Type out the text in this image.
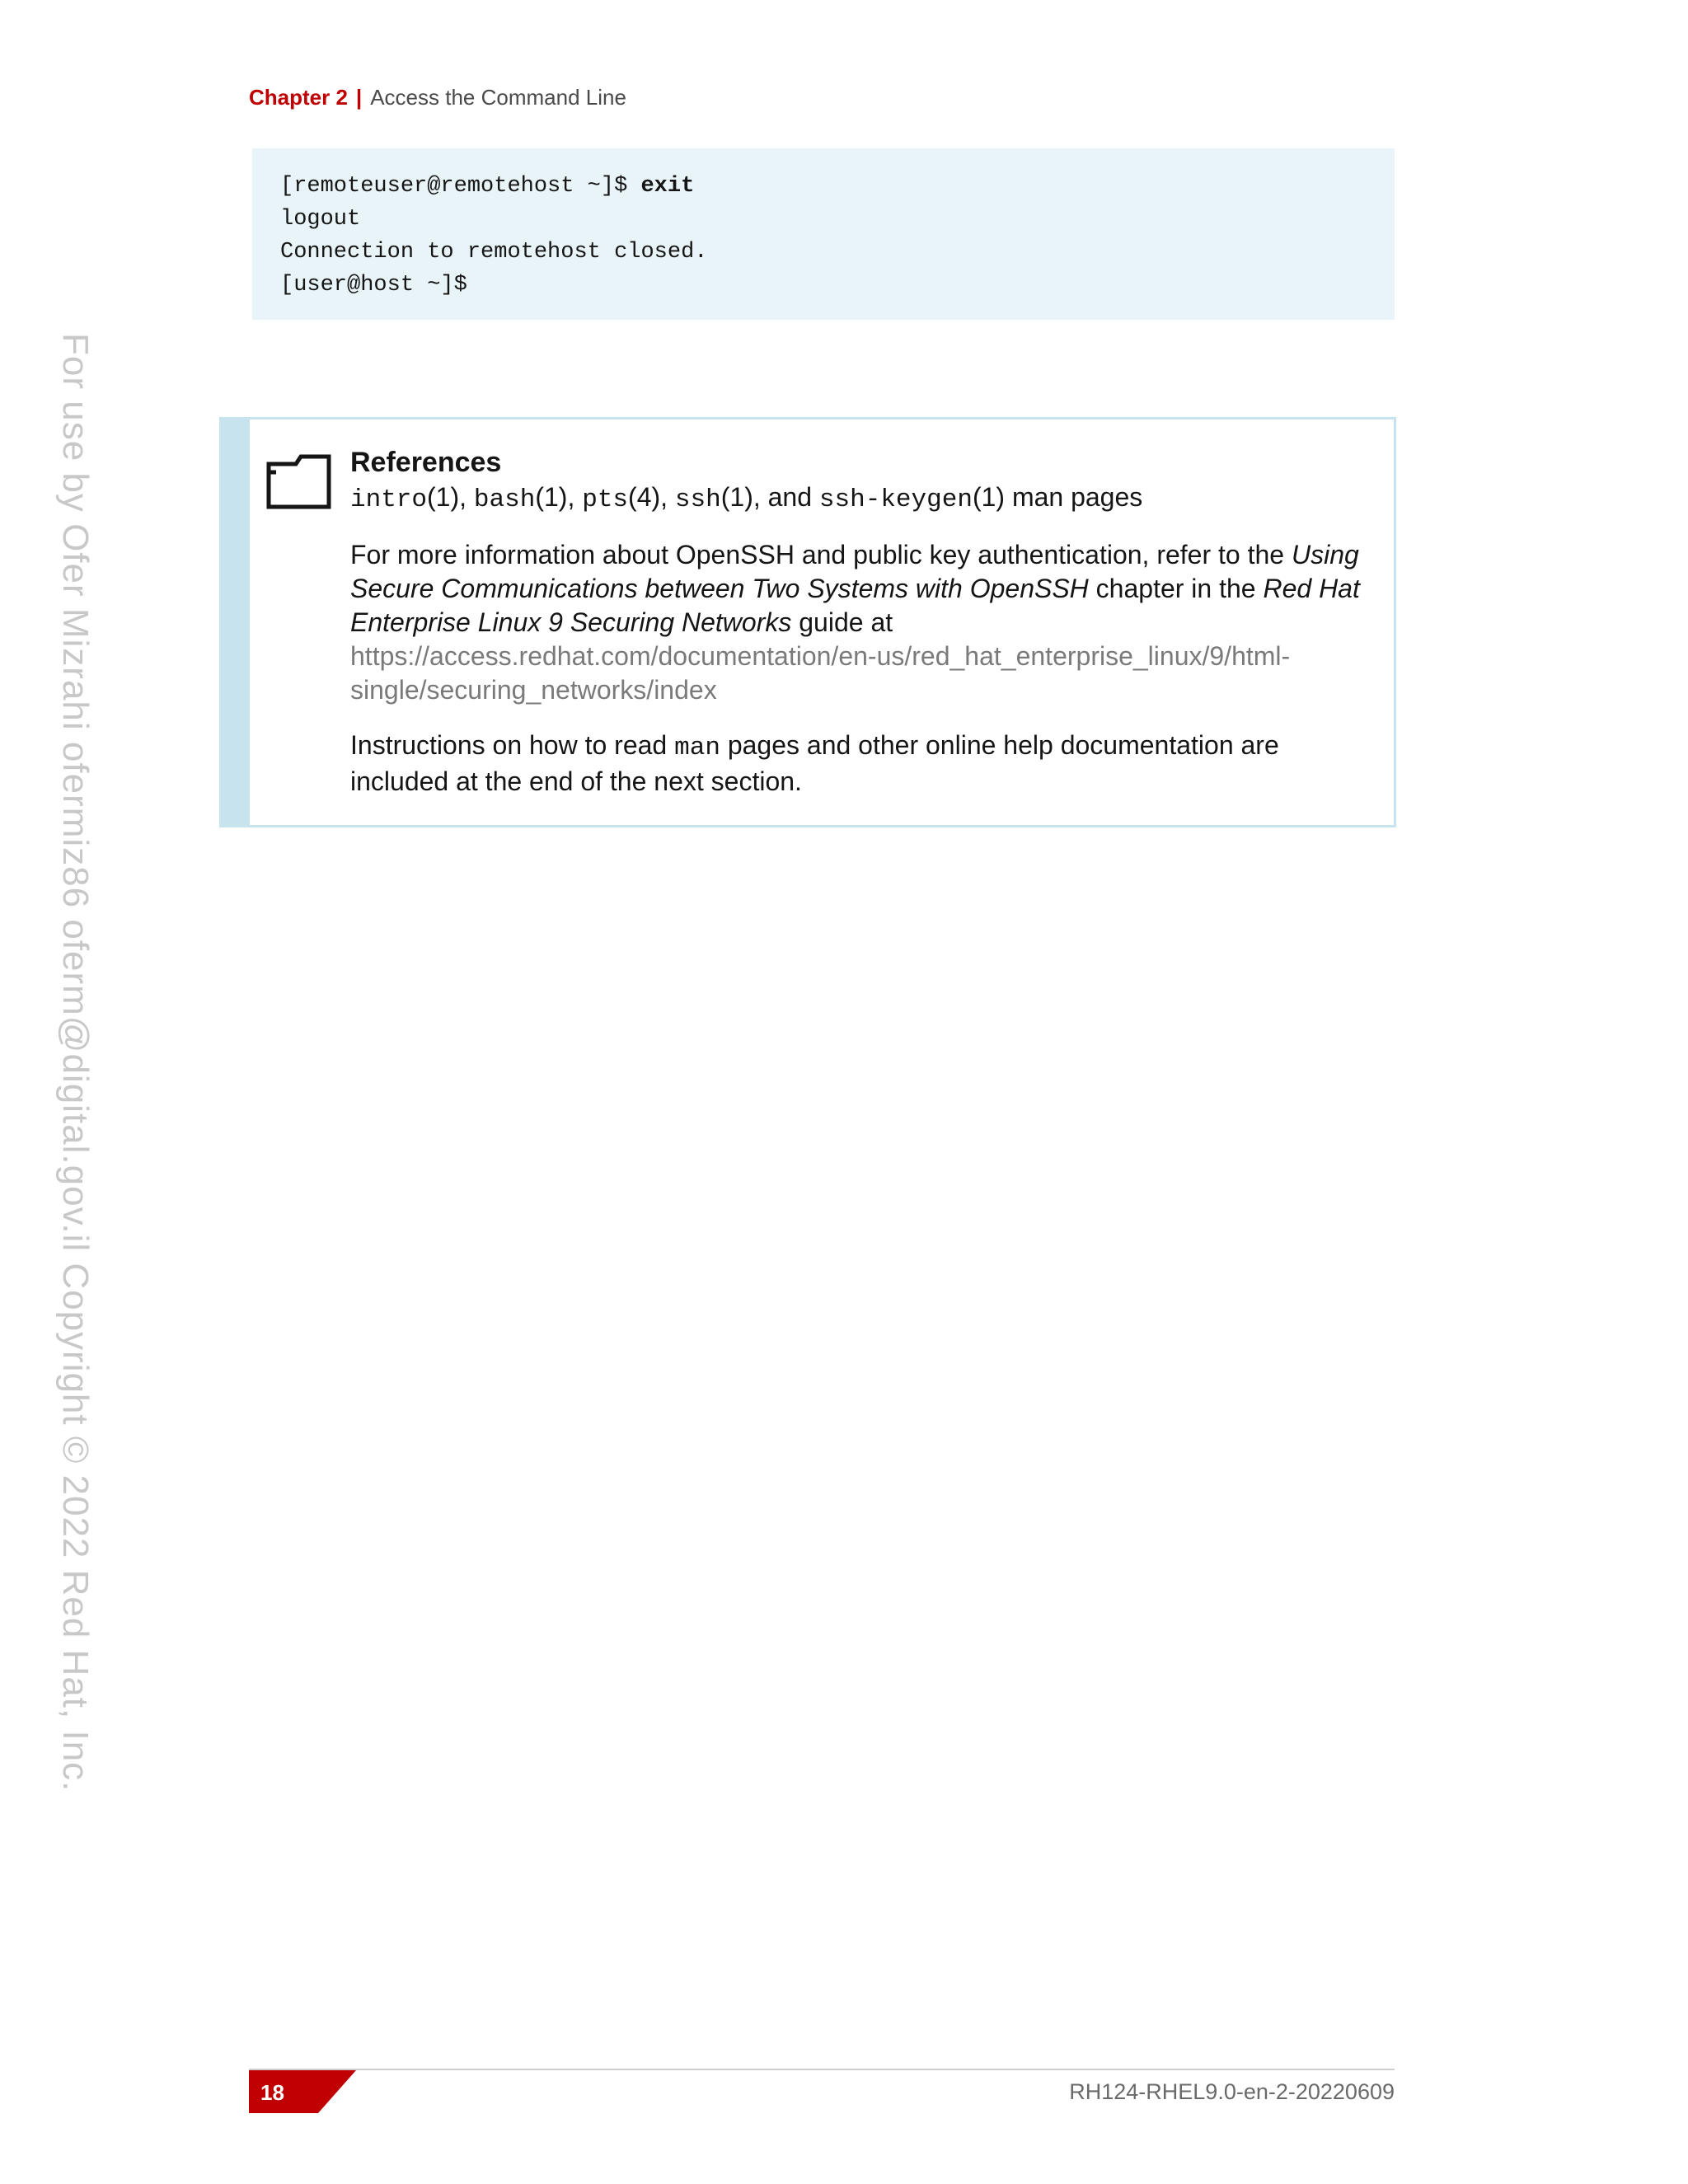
Chapter 2 | Access the Command Line
[remoteuser@remotehost ~]$ exit
logout
Connection to remotehost closed.
[user@host ~]$
References

intro(1), bash(1), pts(4), ssh(1), and ssh-keygen(1) man pages

For more information about OpenSSH and public key authentication, refer to the Using Secure Communications between Two Systems with OpenSSH chapter in the Red Hat Enterprise Linux 9 Securing Networks guide at
https://access.redhat.com/documentation/en-us/red_hat_enterprise_linux/9/html-
single/securing_networks/index

Instructions on how to read man pages and other online help documentation are included at the end of the next section.

For use by Ofer Mizrahi ofermiz86 oferm@digital.gov.il Copyright © 2022 Red Hat, Inc.
18	RH124-RHEL9.0-en-2-20220609
